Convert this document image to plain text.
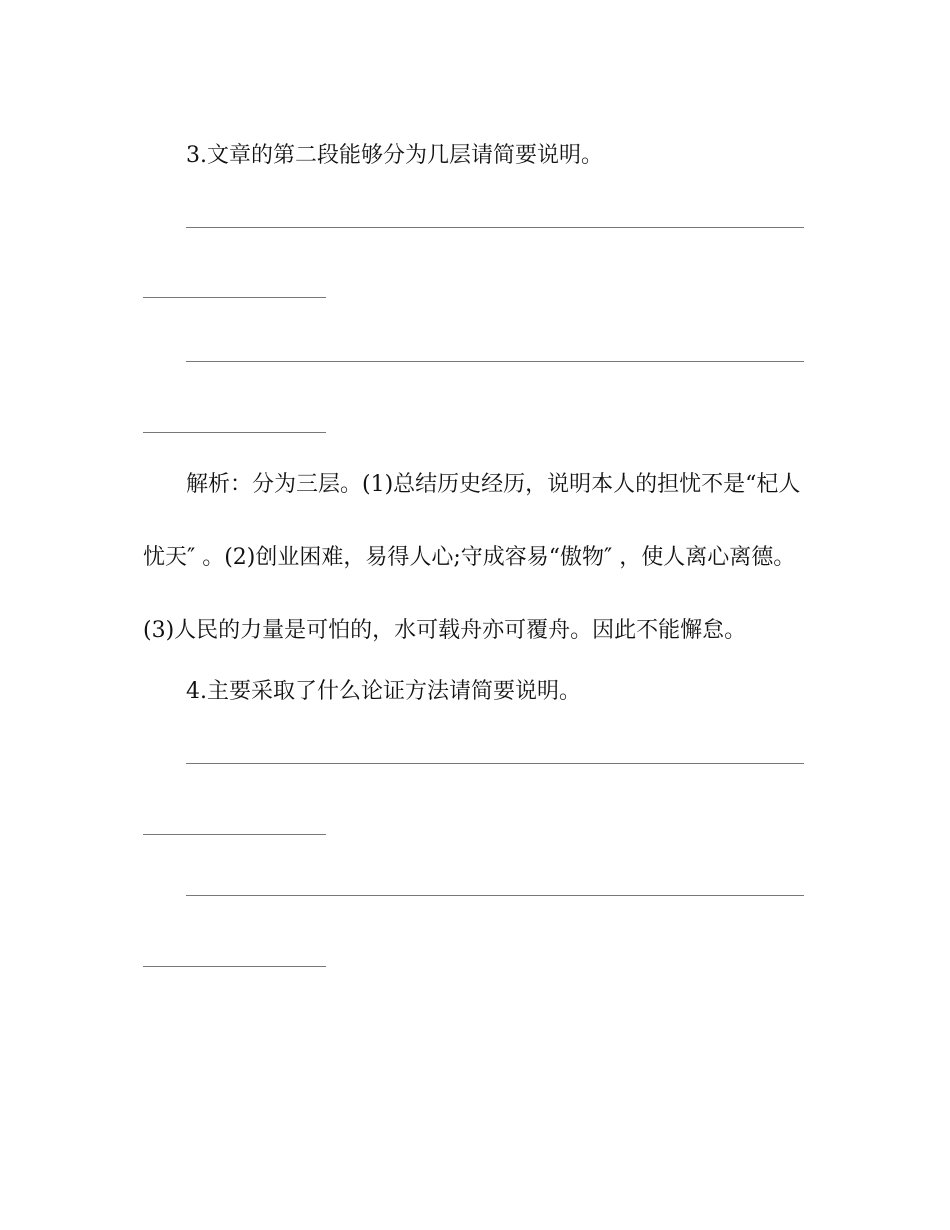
3.文章的第二段能够分为几层请简要说明。
解析：分为三层。(1)总结历史经历，说明本人的担忧不是“杞人
忧天″ 。(2)创业困难，易得人心;守成容易“傲物″ ，使人离心离德。
(3)人民的力量是可怕的，水可载舟亦可覆舟。因此不能懈怠。
4.主要采取了什么论证方法请简要说明。
